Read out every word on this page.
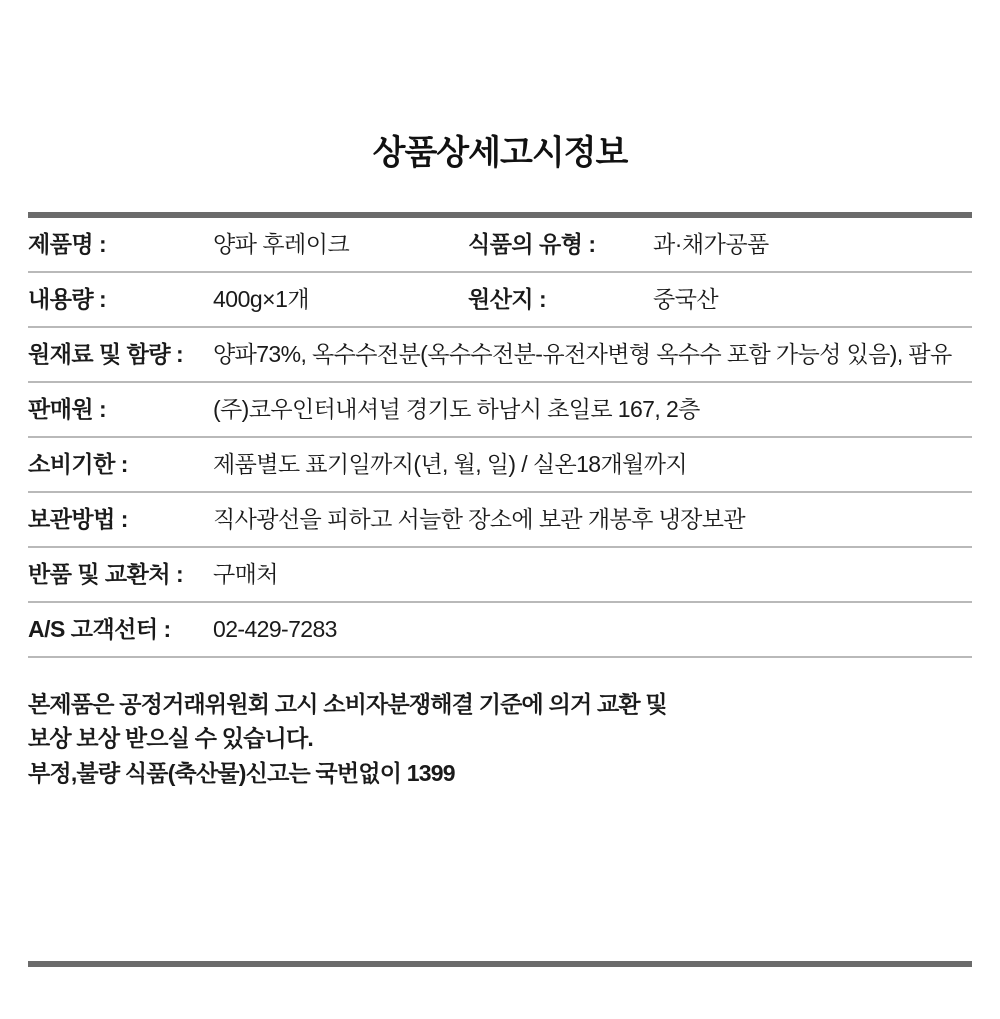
상품상세고시정보
제품명 :	양파 후레이크	식품의 유형 :	과·채가공품
내용량 :	400g×1개	원산지 :	중국산
원재료 및 함량 :	양파73%, 옥수수전분(옥수수전분-유전자변형 옥수수 포함 가능성 있음), 팜유		
판매원 :	(주)코우인터내셔널 경기도 하남시 초일로 167, 2층		
소비기한 :	제품별도 표기일까지(년, 월, 일) / 실온18개월까지		
보관방법 :	직사광선을 피하고 서늘한 장소에 보관 개봉후 냉장보관		
반품 및 교환처 :	구매처		
A/S 고객선터 :	02-429-7283		

본제품은 공정거래위원회 고시 소비자분쟁해결 기준에 의거 교환 및

보상 보상 받으실 수 있습니다.

부정,불량 식품(축산물)신고는 국번없이 1399
